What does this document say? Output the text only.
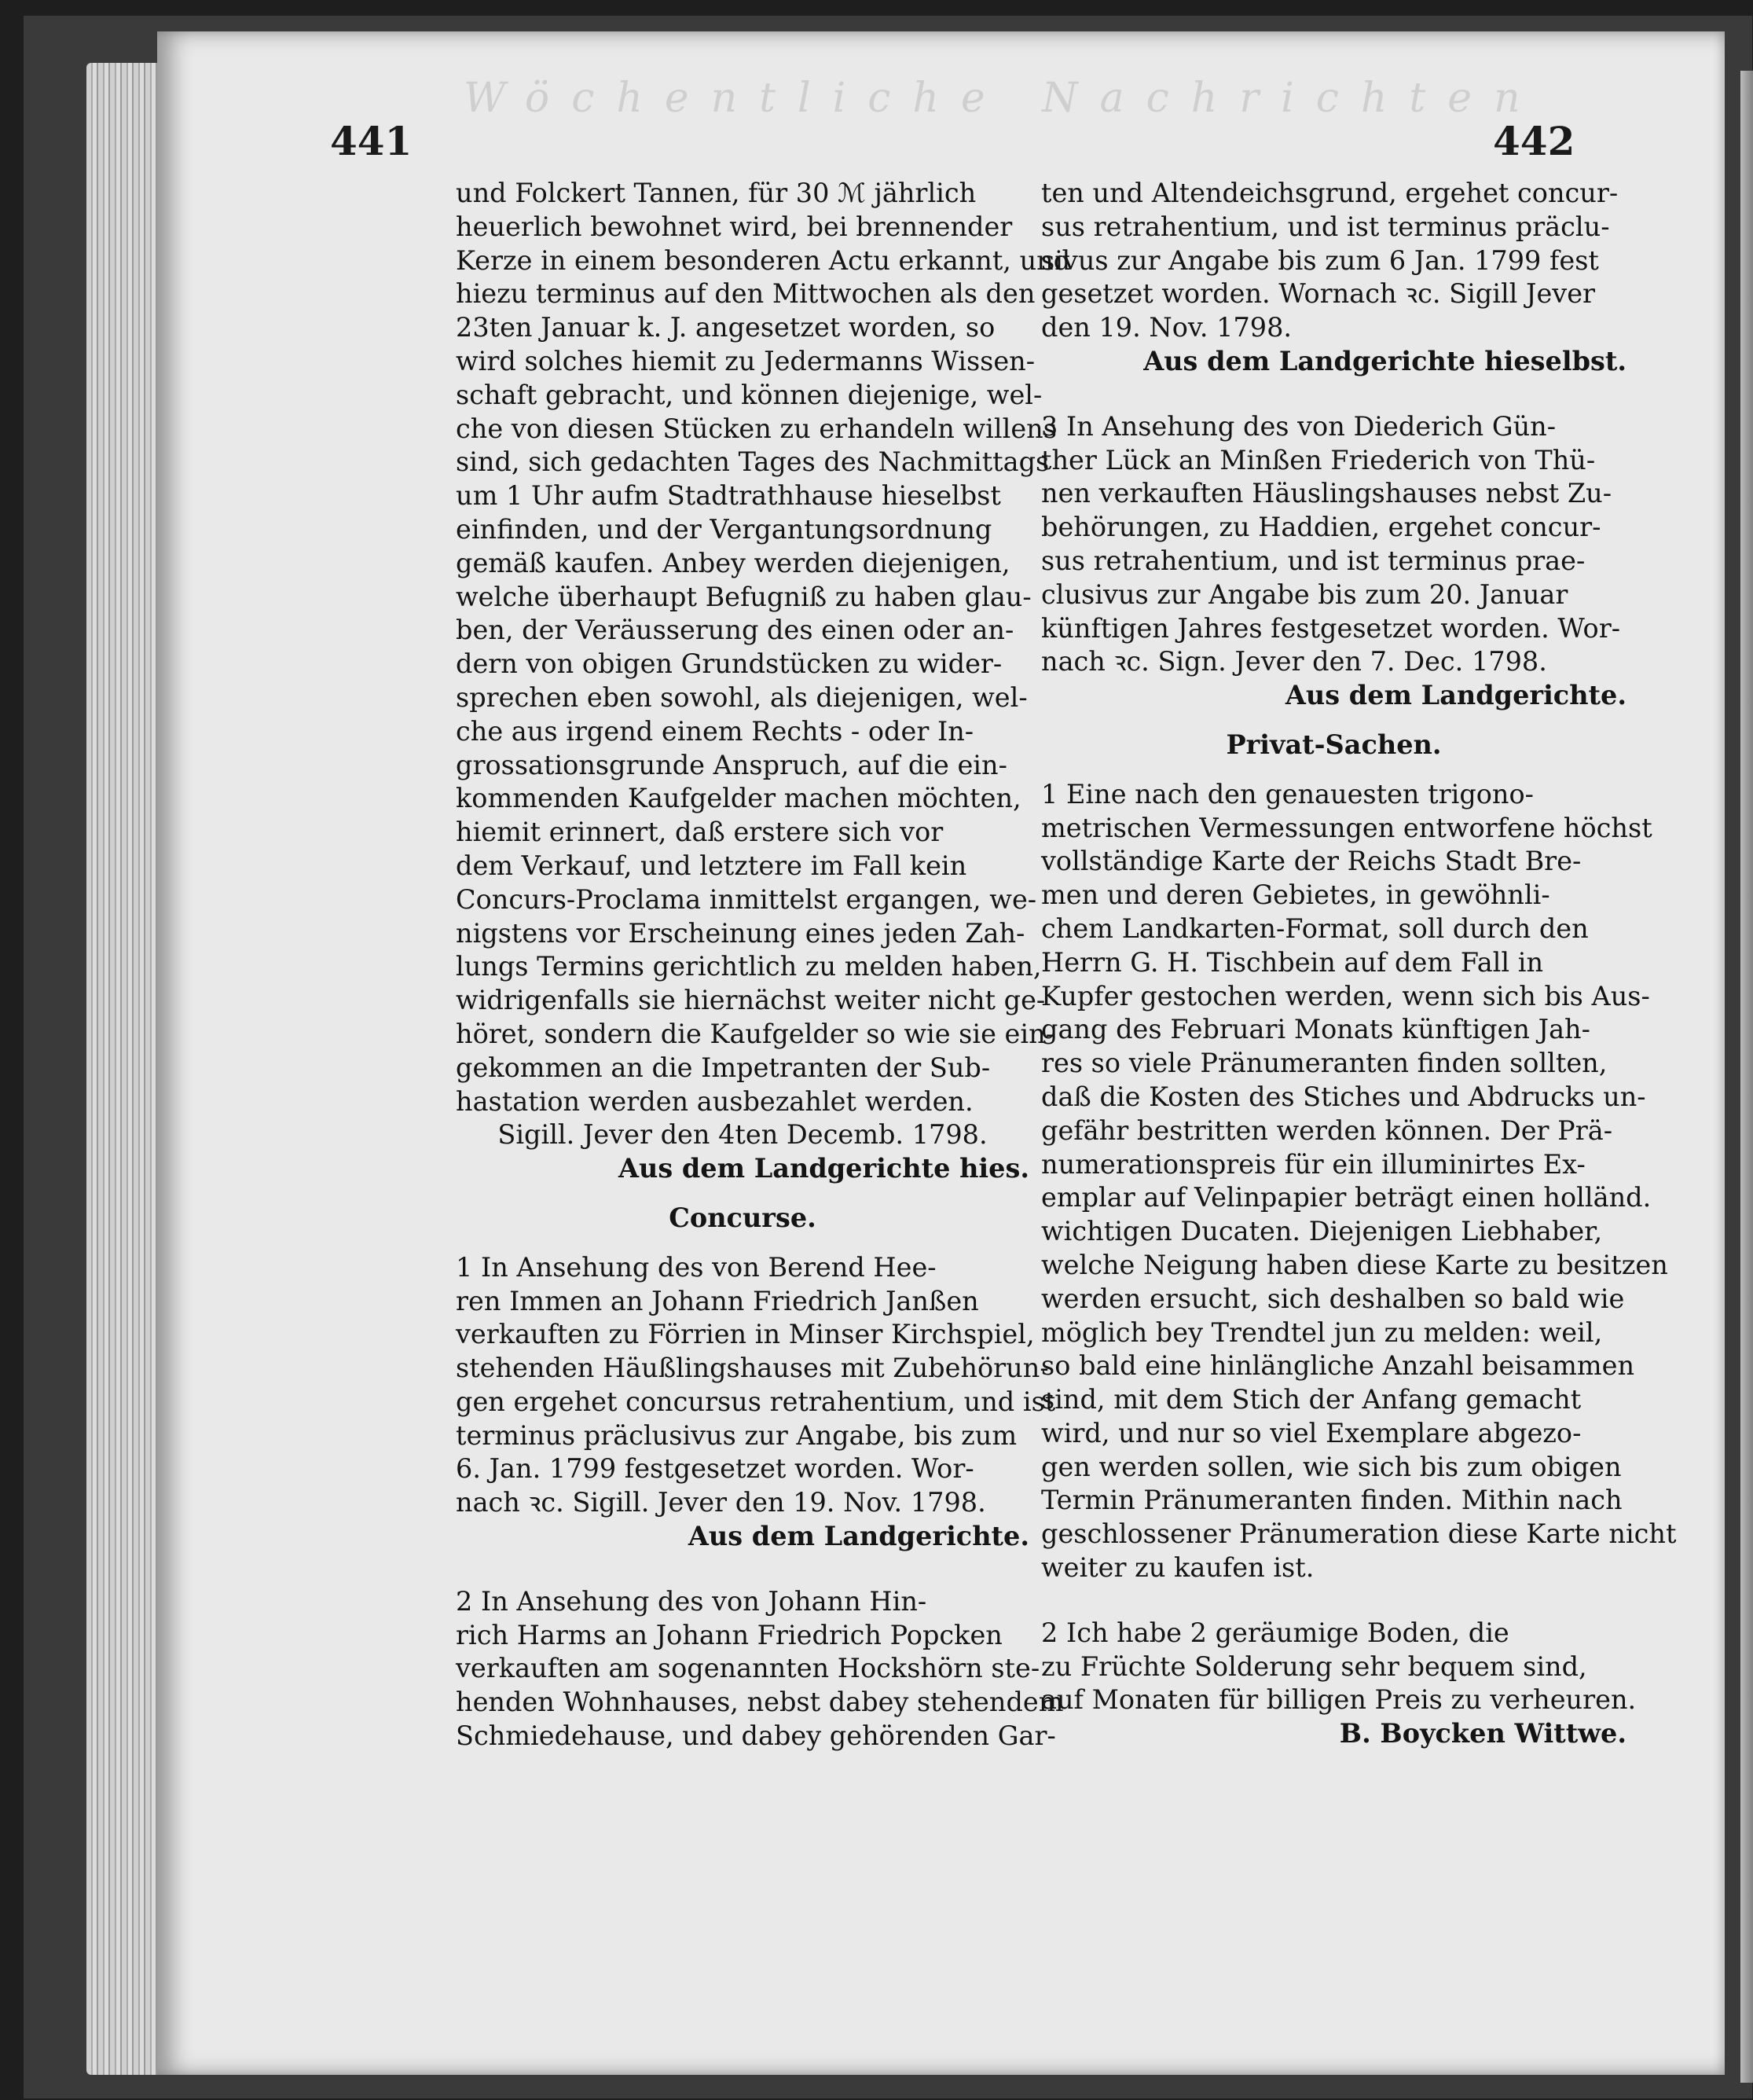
Wöchentliche Nachrichten
441	442
und Folckert Tannen, für 30 ℳ jährlich
heuerlich bewohnet wird, bei brennender
Kerze in einem besonderen Actu erkannt, und
hiezu terminus auf den Mittwochen als den
23ten Januar k. J. angesetzet worden, so
wird solches hiemit zu Jedermanns Wissen-
schaft gebracht, und können diejenige, wel-
che von diesen Stücken zu erhandeln willens
sind, sich gedachten Tages des Nachmittags
um 1 Uhr aufm Stadtrathhause hieselbst
einfinden, und der Vergantungsordnung
gemäß kaufen. Anbey werden diejenigen,
welche überhaupt Befugniß zu haben glau-
ben, der Veräusserung des einen oder an-
dern von obigen Grundstücken zu wider-
sprechen eben sowohl, als diejenigen, wel-
che aus irgend einem Rechts - oder In-
grossationsgrunde Anspruch, auf die ein-
kommenden Kaufgelder machen möchten,
hiemit erinnert, daß erstere sich vor
dem Verkauf, und letztere im Fall kein
Concurs-Proclama inmittelst ergangen, we-
nigstens vor Erscheinung eines jeden Zah-
lungs Termins gerichtlich zu melden haben,
widrigenfalls sie hiernächst weiter nicht ge-
höret, sondern die Kaufgelder so wie sie ein-
gekommen an die Impetranten der Sub-
hastation werden ausbezahlet werden.
Sigill. Jever den 4ten Decemb. 1798.
Aus dem Landgerichte hies.
Concurse.
1 In Ansehung des von Berend Hee-
ren Immen an Johann Friedrich Janßen
verkauften zu Förrien in Minser Kirchspiel,
stehenden Häußlingshauses mit Zubehörun-
gen ergehet concursus retrahentium, und ist
terminus präclusivus zur Angabe, bis zum
6. Jan. 1799 festgesetzet worden. Wor-
nach ꝛc. Sigill. Jever den 19. Nov. 1798.
Aus dem Landgerichte.
2 In Ansehung des von Johann Hin-
rich Harms an Johann Friedrich Popcken
verkauften am sogenannten Hockshörn ste-
henden Wohnhauses, nebst dabey stehendem
Schmiedehause, und dabey gehörenden Gar-
ten und Altendeichsgrund, ergehet concur-
sus retrahentium, und ist terminus präclu-
sivus zur Angabe bis zum 6 Jan. 1799 fest
gesetzet worden. Wornach ꝛc. Sigill Jever
den 19. Nov. 1798.
Aus dem Landgerichte hieselbst.
3 In Ansehung des von Diederich Gün-
ther Lück an Minßen Friederich von Thü-
nen verkauften Häuslingshauses nebst Zu-
behörungen, zu Haddien, ergehet concur-
sus retrahentium, und ist terminus prae-
clusivus zur Angabe bis zum 20. Januar
künftigen Jahres festgesetzet worden. Wor-
nach ꝛc. Sign. Jever den 7. Dec. 1798.
Aus dem Landgerichte.
Privat-Sachen.
1 Eine nach den genauesten trigono-
metrischen Vermessungen entworfene höchst
vollständige Karte der Reichs Stadt Bre-
men und deren Gebietes, in gewöhnli-
chem Landkarten-Format, soll durch den
Herrn G. H. Tischbein auf dem Fall in
Kupfer gestochen werden, wenn sich bis Aus-
gang des Februari Monats künftigen Jah-
res so viele Pränumeranten finden sollten,
daß die Kosten des Stiches und Abdrucks un-
gefähr bestritten werden können. Der Prä-
numerationspreis für ein illuminirtes Ex-
emplar auf Velinpapier beträgt einen holländ.
wichtigen Ducaten. Diejenigen Liebhaber,
welche Neigung haben diese Karte zu besitzen
werden ersucht, sich deshalben so bald wie
möglich bey Trendtel jun zu melden: weil,
so bald eine hinlängliche Anzahl beisammen
sind, mit dem Stich der Anfang gemacht
wird, und nur so viel Exemplare abgezo-
gen werden sollen, wie sich bis zum obigen
Termin Pränumeranten finden. Mithin nach
geschlossener Pränumeration diese Karte nicht
weiter zu kaufen ist.
2 Ich habe 2 geräumige Boden, die
zu Früchte Solderung sehr bequem sind,
auf Monaten für billigen Preis zu verheuren.
B. Boycken Wittwe.
